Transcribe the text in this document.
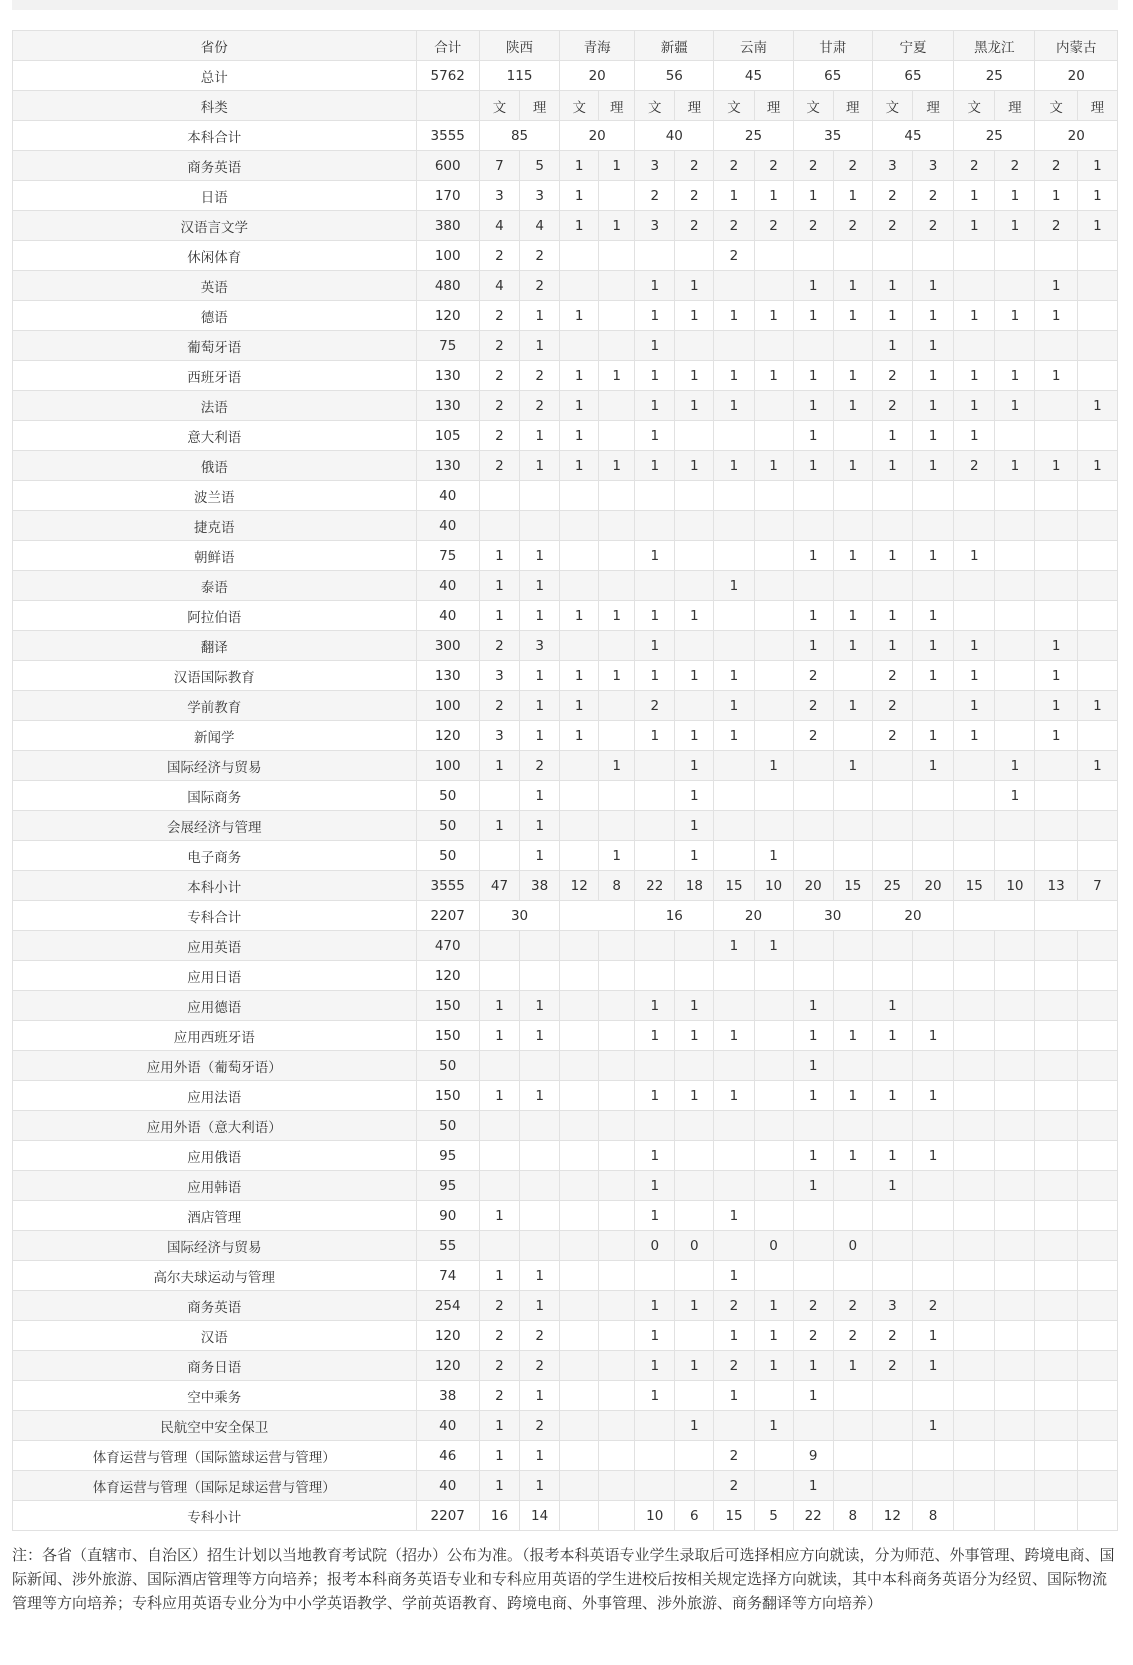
省份	合计	陕西		青海		新疆		云南		甘肃		宁夏		黑龙江		内蒙古	
总计	5762	115		20		56		45		65		65		25		20	
科类		文	理	文	理	文	理	文	理	文	理	文	理	文	理	文	理
本科合计	3555	85		20		40		25		35		45		25		20	
商务英语	600	7	5	1	1	3	2	2	2	2	2	3	3	2	2	2	1
日语	170	3	3	1		2	2	1	1	1	1	2	2	1	1	1	1
汉语言文学	380	4	4	1	1	3	2	2	2	2	2	2	2	1	1	2	1
休闲体育	100	2	2					2									
英语	480	4	2			1	1			1	1	1	1			1	
德语	120	2	1	1		1	1	1	1	1	1	1	1	1	1	1	
葡萄牙语	75	2	1			1						1	1				
西班牙语	130	2	2	1	1	1	1	1	1	1	1	2	1	1	1	1	
法语	130	2	2	1		1	1	1		1	1	2	1	1	1		1
意大利语	105	2	1	1		1				1		1	1	1			
俄语	130	2	1	1	1	1	1	1	1	1	1	1	1	2	1	1	1
波兰语	40																
捷克语	40																
朝鲜语	75	1	1			1				1	1	1	1	1			
泰语	40	1	1					1									
阿拉伯语	40	1	1	1	1	1	1			1	1	1	1				
翻译	300	2	3			1				1	1	1	1	1		1	
汉语国际教育	130	3	1	1	1	1	1	1		2		2	1	1		1	
学前教育	100	2	1	1		2		1		2	1	2		1		1	1
新闻学	120	3	1	1		1	1	1		2		2	1	1		1	
国际经济与贸易	100	1	2		1		1		1		1		1		1		1
国际商务	50		1				1								1		
会展经济与管理	50	1	1				1										
电子商务	50		1		1		1		1								
本科小计	3555	47	38	12	8	22	18	15	10	20	15	25	20	15	10	13	7
专科合计	2207	30				16		20		30		20					
应用英语	470							1	1								
应用日语	120																
应用德语	150	1	1			1	1			1		1					
应用西班牙语	150	1	1			1	1	1		1	1	1	1				
应用外语（葡萄牙语）	50									1							
应用法语	150	1	1			1	1	1		1	1	1	1				
应用外语（意大利语）	50																
应用俄语	95					1				1	1	1	1				
应用韩语	95					1				1		1					
酒店管理	90	1				1		1									
国际经济与贸易	55					0	0		0		0						
高尔夫球运动与管理	74	1	1					1									
商务英语	254	2	1			1	1	2	1	2	2	3	2				
汉语	120	2	2			1		1	1	2	2	2	1				
商务日语	120	2	2			1	1	2	1	1	1	2	1				
空中乘务	38	2	1			1		1		1							
民航空中安全保卫	40	1	2				1		1				1				
体育运营与管理（国际篮球运营与管理）	46	1	1					2		9							
体育运营与管理（国际足球运营与管理）	40	1	1					2		1							
专科小计	2207	16	14			10	6	15	5	22	8	12	8				
注：各省（直辖市、自治区）招生计划以当地教育考试院（招办）公布为准。（报考本科英语专业学生录取后可选择相应方向就读，分为师范、外事管理、跨境电商、国际新闻、涉外旅游、国际酒店管理等方向培养；报考本科商务英语专业和专科应用英语的学生进校后按相关规定选择方向就读，其中本科商务英语分为经贸、国际物流管理等方向培养；专科应用英语专业分为中小学英语教学、学前英语教育、跨境电商、外事管理、涉外旅游、商务翻译等方向培养）
